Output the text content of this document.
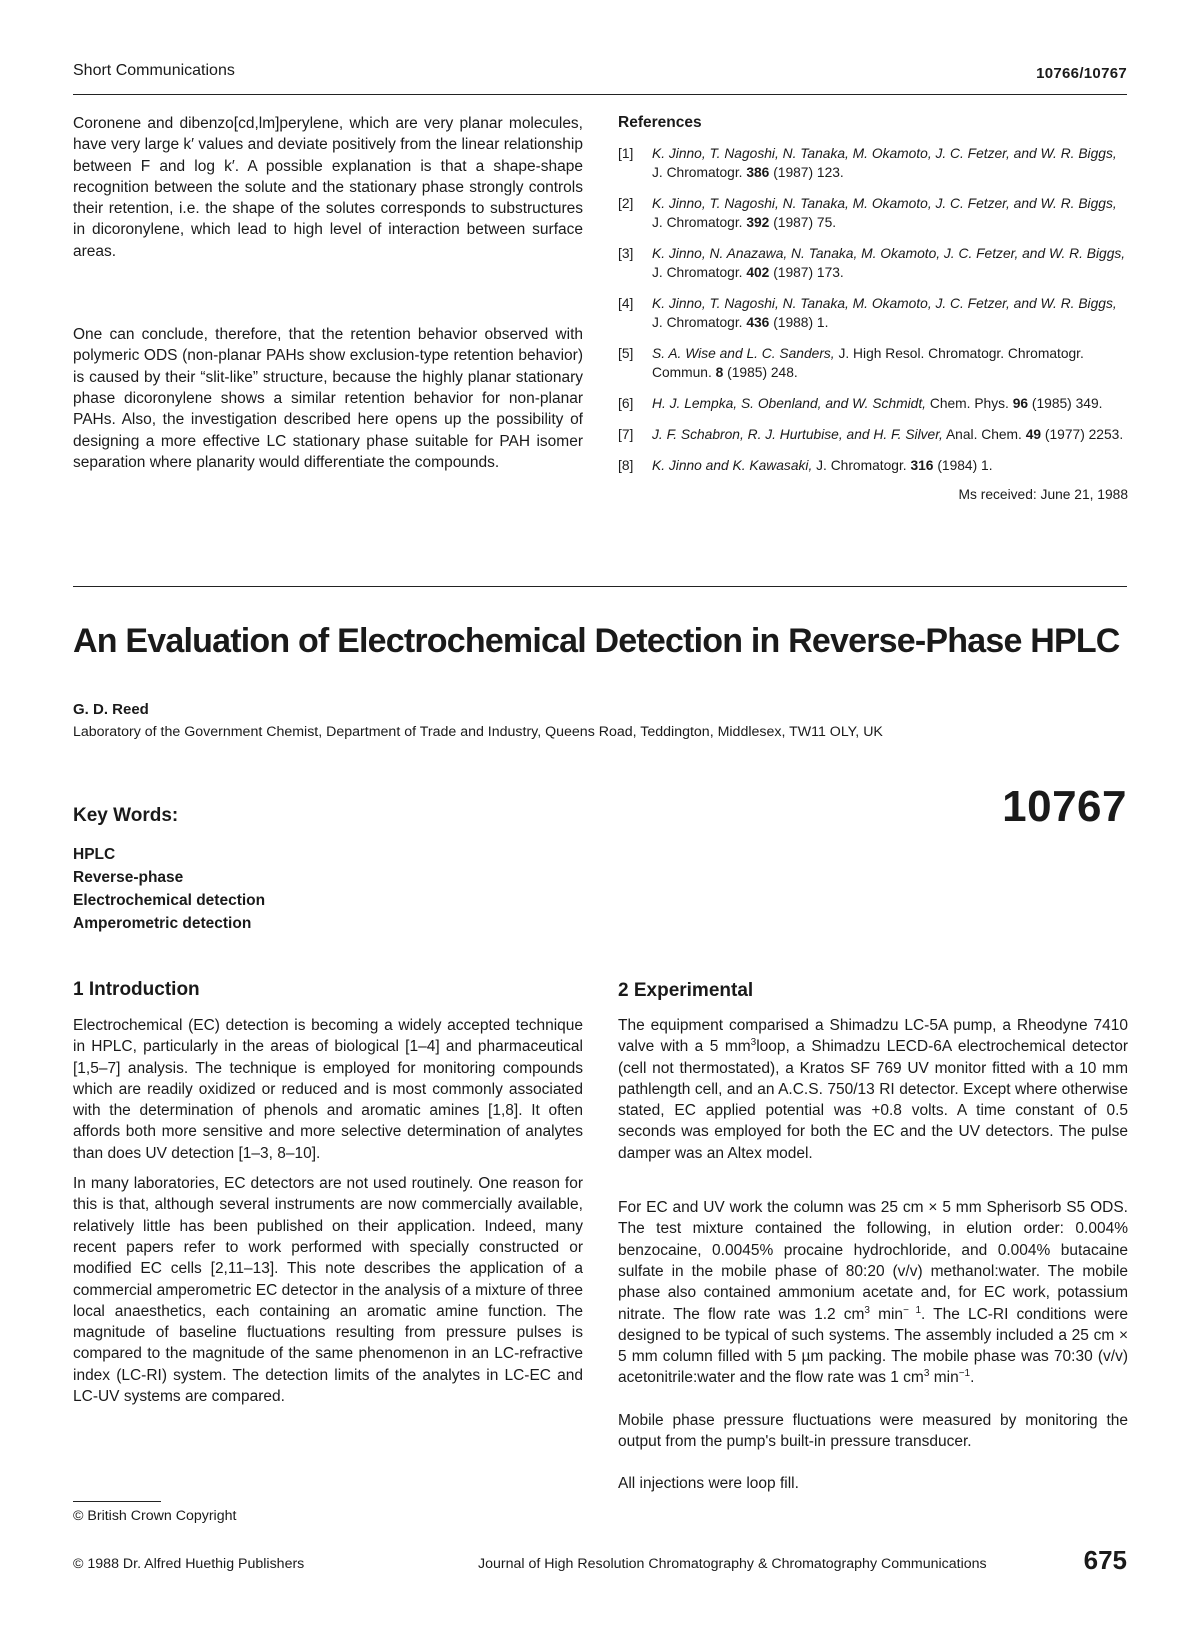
Short Communications	10766/10767

Coronene and dibenzo[cd,lm]perylene, which are very planar molecules, have very large k′ values and deviate positively from the linear relationship between F and log k′. A possible explanation is that a shape-shape recognition between the solute and the stationary phase strongly controls their retention, i.e. the shape of the solutes corresponds to substructures in dicoronylene, which lead to high level of interaction between surface areas.

One can conclude, therefore, that the retention behavior observed with polymeric ODS (non-planar PAHs show exclusion-type retention behavior) is caused by their “slit-like” structure, because the highly planar stationary phase dicoronylene shows a similar retention behavior for non-planar PAHs. Also, the investigation described here opens up the possibility of designing a more effective LC stationary phase suitable for PAH isomer separation where planarity would differentiate the compounds.

References
[1] K. Jinno, T. Nagoshi, N. Tanaka, M. Okamoto, J. C. Fetzer, and W. R. Biggs, J. Chromatogr. 386 (1987) 123.
[2] K. Jinno, T. Nagoshi, N. Tanaka, M. Okamoto, J. C. Fetzer, and W. R. Biggs, J. Chromatogr. 392 (1987) 75.
[3] K. Jinno, N. Anazawa, N. Tanaka, M. Okamoto, J. C. Fetzer, and W. R. Biggs, J. Chromatogr. 402 (1987) 173.
[4] K. Jinno, T. Nagoshi, N. Tanaka, M. Okamoto, J. C. Fetzer, and W. R. Biggs, J. Chromatogr. 436 (1988) 1.
[5] S. A. Wise and L. C. Sanders, J. High Resol. Chromatogr. Chromatogr. Commun. 8 (1985) 248.
[6] H. J. Lempka, S. Obenland, and W. Schmidt, Chem. Phys. 96 (1985) 349.
[7] J. F. Schabron, R. J. Hurtubise, and H. F. Silver, Anal. Chem. 49 (1977) 2253.
[8] K. Jinno and K. Kawasaki, J. Chromatogr. 316 (1984) 1.
Ms received: June 21, 1988
An Evaluation of Electrochemical Detection in Reverse-Phase HPLC
G. D. Reed
Laboratory of the Government Chemist, Department of Trade and Industry, Queens Road, Teddington, Middlesex, TW11 OLY, UK
Key Words:	10767
HPLC
Reverse-phase
Electrochemical detection
Amperometric detection
1 Introduction	2 Experimental

Electrochemical (EC) detection is becoming a widely accepted technique in HPLC, particularly in the areas of biological [1–4] and pharmaceutical [1,5–7] analysis. The technique is employed for monitoring compounds which are readily oxidized or reduced and is most commonly associated with the determination of phenols and aromatic amines [1,8]. It often affords both more sensitive and more selective determination of analytes than does UV detection [1–3, 8–10].

In many laboratories, EC detectors are not used routinely. One reason for this is that, although several instruments are now commercially available, relatively little has been published on their application. Indeed, many recent papers refer to work performed with specially constructed or modified EC cells [2,11–13]. This note describes the application of a commercial amperometric EC detector in the analysis of a mixture of three local anaesthetics, each containing an aromatic amine function. The magnitude of baseline fluctuations resulting from pressure pulses is compared to the magnitude of the same phenomenon in an LC-refractive index (LC-RI) system. The detection limits of the analytes in LC-EC and LC-UV systems are compared.

The equipment comparised a Shimadzu LC-5A pump, a Rheodyne 7410 valve with a 5 $mm^3loop$, a Shimadzu LECD-6A electrochemical detector (cell not thermostated), a Kratos SF 769 UV monitor fitted with a 10 mm pathlength cell, and an A.C.S. 750/13 RI detector. Except where otherwise stated, EC applied potential was +0.8 volts. A time constant of 0.5 seconds was employed for both the EC and the UV detectors. The pulse damper was an Altex model.

For EC and UV work the column was 25 cm × 5 mm Spherisorb S5 ODS. The test mixture contained the following, in elution order: 0.004% benzocaine, 0.0045% procaine hydrochloride, and 0.004% butacaine sulfate in the mobile phase of 80:20 (v/v) methanol:water. The mobile phase also contained ammonium acetate and, for EC work, potassium nitrate. The flow rate was 1.2 $cm^3$ $\min^{- 1}$. The LC-RI conditions were designed to be typical of such systems. The assembly included a 25 cm × 5 mm column filled with 5 µm packing. The mobile phase was 70:30 (v/v) acetonitrile:water and the flow rate was 1 $cm^3$ $\min^{-1}$.

Mobile phase pressure fluctuations were measured by monitoring the output from the pump's built-in pressure transducer.

All injections were loop fill.

© British Crown Copyright
© 1988 Dr. Alfred Huethig Publishers	Journal of High Resolution Chromatography & Chromatography Communications	675
